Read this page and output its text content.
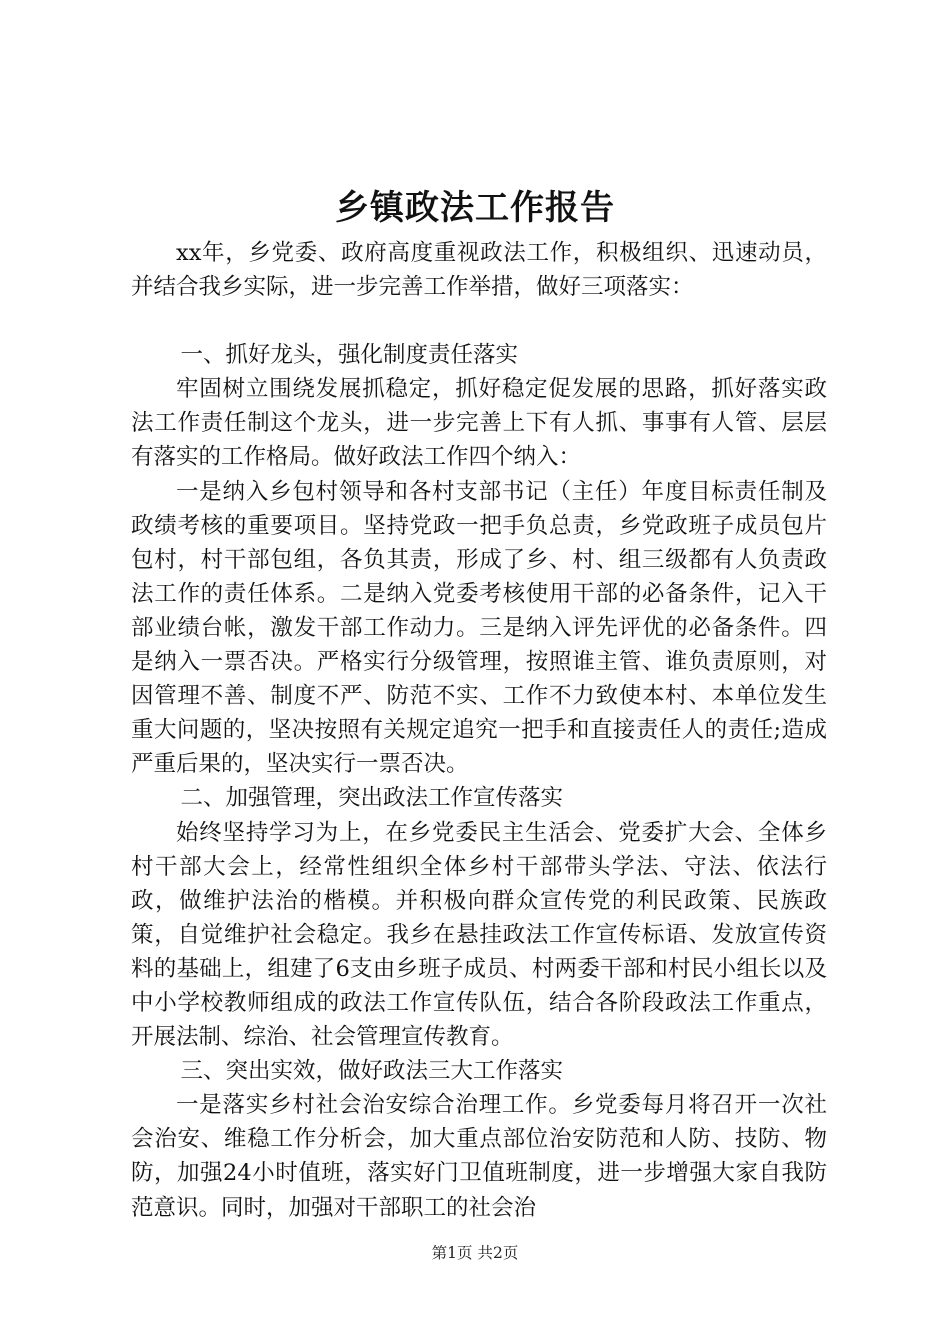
乡镇政法工作报告

xx年，乡党委、政府高度重视政法工作，积极组织、迅速动员，并结合我乡实际，进一步完善工作举措，做好三项落实：

一、抓好龙头，强化制度责任落实

牢固树立围绕发展抓稳定，抓好稳定促发展的思路，抓好落实政法工作责任制这个龙头，进一步完善上下有人抓、事事有人管、层层有落实的工作格局。做好政法工作四个纳入：

一是纳入乡包村领导和各村支部书记（主任）年度目标责任制及政绩考核的重要项目。坚持党政一把手负总责，乡党政班子成员包片包村，村干部包组，各负其责，形成了乡、村、组三级都有人负责政法工作的责任体系。二是纳入党委考核使用干部的必备条件，记入干部业绩台帐，激发干部工作动力。三是纳入评先评优的必备条件。四是纳入一票否决。严格实行分级管理，按照谁主管、谁负责原则，对因管理不善、制度不严、防范不实、工作不力致使本村、本单位发生重大问题的，坚决按照有关规定追究一把手和直接责任人的责任;造成严重后果的，坚决实行一票否决。

二、加强管理，突出政法工作宣传落实

始终坚持学习为上，在乡党委民主生活会、党委扩大会、全体乡村干部大会上，经常性组织全体乡村干部带头学法、守法、依法行政，做维护法治的楷模。并积极向群众宣传党的利民政策、民族政策，自觉维护社会稳定。我乡在悬挂政法工作宣传标语、发放宣传资料的基础上，组建了6支由乡班子成员、村两委干部和村民小组长以及中小学校教师组成的政法工作宣传队伍，结合各阶段政法工作重点，开展法制、综治、社会管理宣传教育。

三、突出实效，做好政法三大工作落实

一是落实乡村社会治安综合治理工作。乡党委每月将召开一次社会治安、维稳工作分析会，加大重点部位治安防范和人防、技防、物防，加强24小时值班，落实好门卫值班制度，进一步增强大家自我防范意识。同时，加强对干部职工的社会治

第1页 共2页
